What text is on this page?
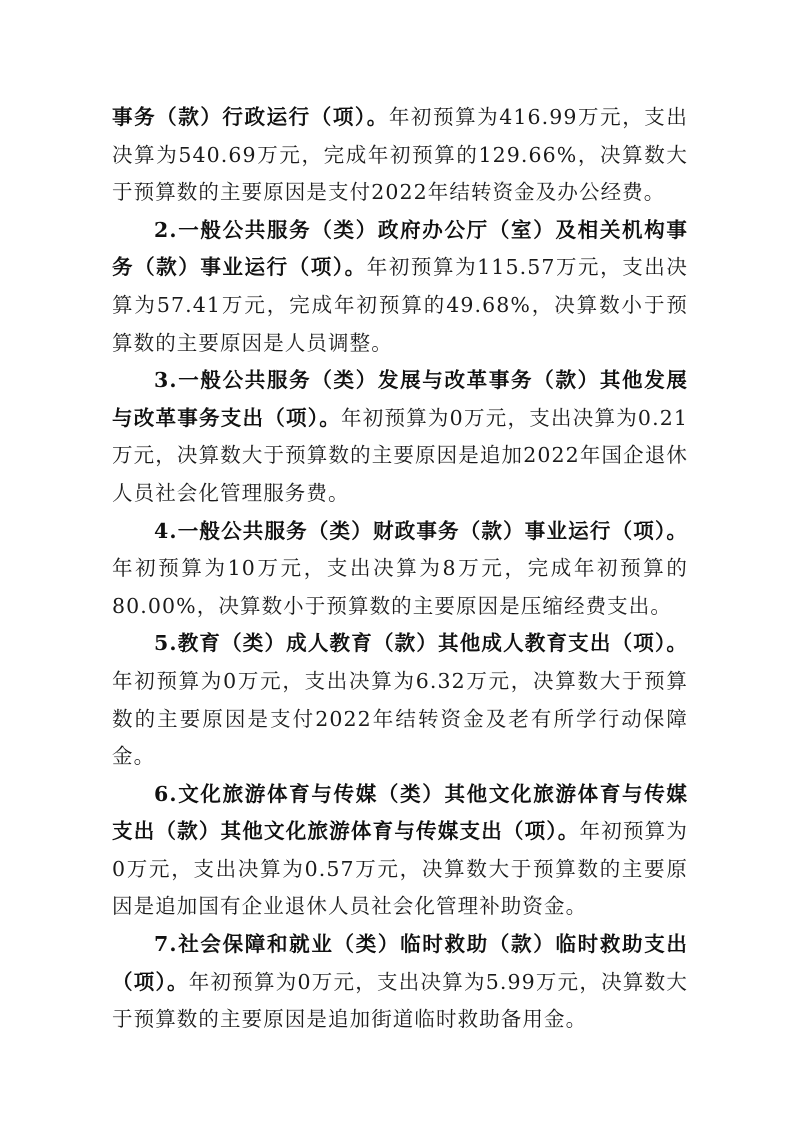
事务（款）行政运行（项）。年初预算为416.99万元，支出决算为540.69万元，完成年初预算的129.66%，决算数大于预算数的主要原因是支付2022年结转资金及办公经费。

2.一般公共服务（类）政府办公厅（室）及相关机构事务（款）事业运行（项）。年初预算为115.57万元，支出决算为57.41万元，完成年初预算的49.68%，决算数小于预算数的主要原因是人员调整。

3.一般公共服务（类）发展与改革事务（款）其他发展与改革事务支出（项）。年初预算为0万元，支出决算为0.21万元，决算数大于预算数的主要原因是追加2022年国企退休人员社会化管理服务费。

4.一般公共服务（类）财政事务（款）事业运行（项）。年初预算为10万元，支出决算为8万元，完成年初预算的80.00%，决算数小于预算数的主要原因是压缩经费支出。

5.教育（类）成人教育（款）其他成人教育支出（项）。年初预算为0万元，支出决算为6.32万元，决算数大于预算数的主要原因是支付2022年结转资金及老有所学行动保障金。

6.文化旅游体育与传媒（类）其他文化旅游体育与传媒支出（款）其他文化旅游体育与传媒支出（项）。年初预算为0万元，支出决算为0.57万元，决算数大于预算数的主要原因是追加国有企业退休人员社会化管理补助资金。

7.社会保障和就业（类）临时救助（款）临时救助支出（项）。年初预算为0万元，支出决算为5.99万元，决算数大于预算数的主要原因是追加街道临时救助备用金。
